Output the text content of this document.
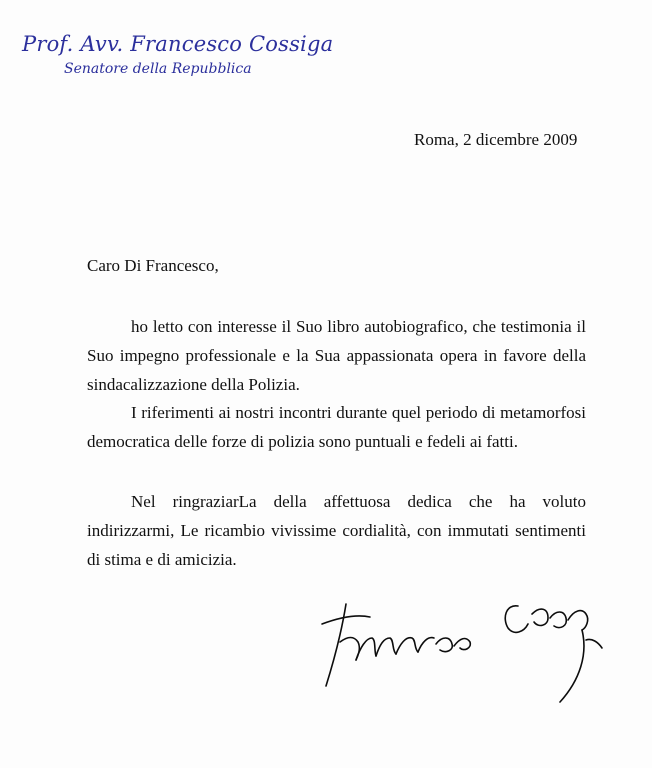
Prof. Avv. Francesco Cossiga
Senatore della Repubblica
Roma, 2 dicembre 2009
Caro Di Francesco,

ho letto con interesse il Suo libro autobiografico, che testimonia il Suo impegno professionale e la Sua appassionata opera in favore della sindacalizzazione della Polizia.

I riferimenti ai nostri incontri durante quel periodo di metamorfosi democratica delle forze di polizia sono puntuali e fedeli ai fatti.

Nel ringraziarLa della affettuosa dedica che ha voluto indirizzarmi, Le ricambio vivissime cordialità, con immutati sentimenti di stima e di amicizia.
